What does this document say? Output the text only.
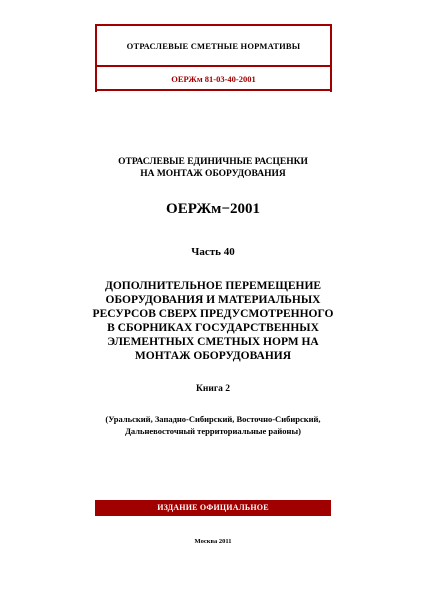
ОТРАСЛЕВЫЕ СМЕТНЫЕ НОРМАТИВЫ
ОЕРЖм 81-03-40-2001
ОТРАСЛЕВЫЕ ЕДИНИЧНЫЕ РАСЦЕНКИ
НА МОНТАЖ ОБОРУДОВАНИЯ
ОЕРЖм−2001
Часть 40
ДОПОЛНИТЕЛЬНОЕ ПЕРЕМЕЩЕНИЕ
ОБОРУДОВАНИЯ И МАТЕРИАЛЬНЫХ
РЕСУРСОВ СВЕРХ ПРЕДУСМОТРЕННОГО
В СБОРНИКАХ ГОСУДАРСТВЕННЫХ
ЭЛЕМЕНТНЫХ СМЕТНЫХ НОРМ НА
МОНТАЖ ОБОРУДОВАНИЯ
Книга 2
(Уральский, Западно-Сибирский, Восточно-Сибирский,
Дальневосточный территориальные районы)
ИЗДАНИЕ ОФИЦИАЛЬНОЕ
Москва 2011
